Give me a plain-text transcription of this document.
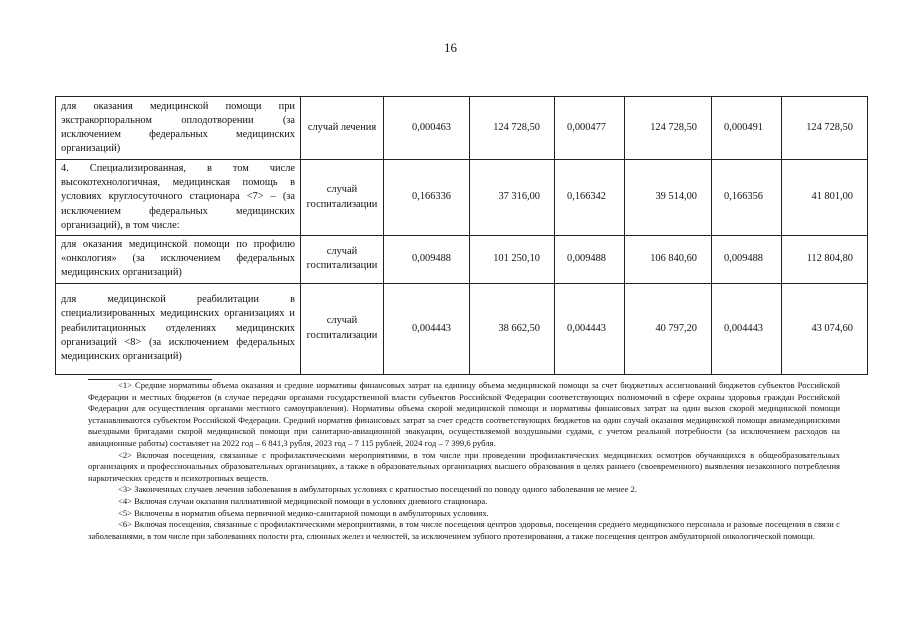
16
для оказания медицинской помощи при экстракорпоральном оплодотворении (за исключением федеральных медицинских организаций)	случай лечения	0,000463	124 728,50	0,000477	124 728,50	0,000491	124 728,50
4. Специализированная, в том числе высокотехнологичная, медицинская помощь в условиях круглосуточного стационара <7> – (за исключением федеральных медицинских организаций), в том числе:	случай госпитализации	0,166336	37 316,00	0,166342	39 514,00	0,166356	41 801,00
для оказания медицинской помощи по профилю «онкология» (за исключением федеральных медицинских организаций)	случай госпитализации	0,009488	101 250,10	0,009488	106 840,60	0,009488	112 804,80
для медицинской реабилитации в специализированных медицинских организациях и реабилитационных отделениях медицинских организаций <8> (за исключением федеральных медицинских организаций)	случай госпитализации	0,004443	38 662,50	0,004443	40 797,20	0,004443	43 074,60

<1> Средние нормативы объема оказания и средние нормативы финансовых затрат на единицу объема медицинской помощи за счет бюджетных ассигнований бюджетов субъектов Российской Федерации и местных бюджетов (в случае передачи органами государственной власти субъектов Российской Федерации соответствующих полномочий в сфере охраны здоровья граждан Российской Федерации для осуществления органами местного самоуправления). Нормативы объема скорой медицинской помощи и нормативы финансовых затрат на один вызов скорой медицинской помощи устанавливаются субъектом Российской Федерации. Средний норматив финансовых затрат за счет средств соответствующих бюджетов на один случай оказания медицинской помощи авиамедицинскими выездными бригадами скорой медицинской помощи при санитарно-авиационной эвакуации, осуществляемой воздушными судами, с учетом реальной потребности (за исключением расходов на авиационные работы) составляет на 2022 год – 6 841,3 рубля, 2023 год – 7 115 рублей, 2024 год – 7 399,6 рубля.

<2> Включая посещения, связанные с профилактическими мероприятиями, в том числе при проведении профилактических медицинских осмотров обучающихся в общеобразовательных организациях и профессиональных образовательных организациях, а также в образовательных организациях высшего образования в целях раннего (своевременного) выявления незаконного потребления наркотических средств и психотропных веществ.

<3> Законченных случаев лечения заболевания в амбулаторных условиях с кратностью посещений по поводу одного заболевания не менее 2.

<4> Включая случаи оказания паллиативной медицинской помощи в условиях дневного стационара.

<5> Включены в норматив объема первичной медико-санитарной помощи в амбулаторных условиях.

<6> Включая посещения, связанные с профилактическими мероприятиями, в том числе посещения центров здоровья, посещения среднего медицинского персонала и разовые посещения в связи с заболеваниями, в том числе при заболеваниях полости рта, слюнных желез и челюстей, за исключением зубного протезирования, а также посещения центров амбулаторной онкологической помощи.
